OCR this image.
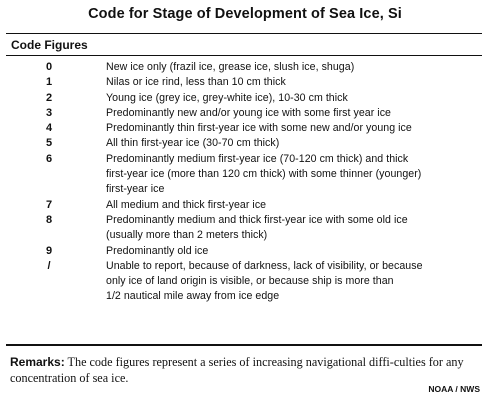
Code for Stage of Development of Sea Ice, Si
Code Figures
0	New ice only (frazil ice, grease ice, slush ice, shuga)
1	Nilas or ice rind, less than 10 cm thick
2	Young ice (grey ice, grey-white ice), 10-30 cm thick
3	Predominantly new and/or young ice with some first year ice
4	Predominantly thin first-year ice with some new and/or young ice
5	All thin first-year ice (30-70 cm thick)
6	Predominantly medium first-year ice (70-120 cm thick) and thick
first-year ice (more than 120 cm thick) with some thinner (younger)
first-year ice
7	All medium and thick first-year ice
8	Predominantly medium and thick first-year ice with some old ice
(usually more than 2 meters thick)
9	Predominantly old ice
/	Unable to report, because of darkness, lack of visibility, or because
only ice of land origin is visible, or because ship is more than
1/2 nautical mile away from ice edge
Remarks: The code figures represent a series of increasing navigational diffi-culties for any concentration of sea ice.
NOAA / NWS
